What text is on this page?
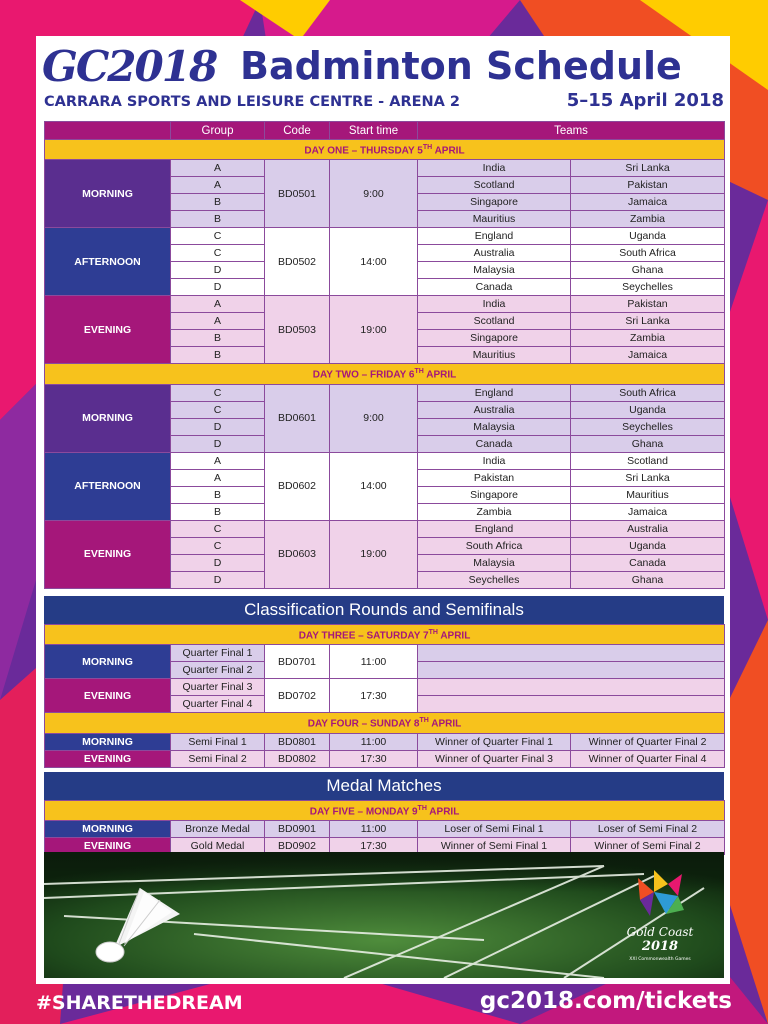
GC2018 Badminton Schedule
CARRARA SPORTS AND LEISURE CENTRE - ARENA 2	5–15 April 2018
	Group	Code	Start time	Teams	
DAY ONE – THURSDAY 5TH APRIL					
MORNING	A	BD0501	9:00	India	Sri Lanka
	A			Scotland	Pakistan
	B			Singapore	Jamaica
	B			Mauritius	Zambia
AFTERNOON	C	BD0502	14:00	England	Uganda
	C			Australia	South Africa
	D			Malaysia	Ghana
	D			Canada	Seychelles
EVENING	A	BD0503	19:00	India	Pakistan
	A			Scotland	Sri Lanka
	B			Singapore	Zambia
	B			Mauritius	Jamaica
DAY TWO – FRIDAY 6TH APRIL					
MORNING	C	BD0601	9:00	England	South Africa
	C			Australia	Uganda
	D			Malaysia	Seychelles
	D			Canada	Ghana
AFTERNOON	A	BD0602	14:00	India	Scotland
	A			Pakistan	Sri Lanka
	B			Singapore	Mauritius
	B			Zambia	Jamaica
EVENING	C	BD0603	19:00	England	Australia
	C			South Africa	Uganda
	D			Malaysia	Canada
	D			Seychelles	Ghana
Classification Rounds and Semifinals
DAY THREE – SATURDAY 7TH APRIL					
MORNING	Quarter Final 1	BD0701	11:00		
	Quarter Final 2				
EVENING	Quarter Final 3	BD0702	17:30		
	Quarter Final 4				
DAY FOUR – SUNDAY 8TH APRIL					
MORNING	Semi Final 1	BD0801	11:00	Winner of Quarter Final 1	Winner of Quarter Final 2
EVENING	Semi Final 2	BD0802	17:30	Winner of Quarter Final 3	Winner of Quarter Final 4
Medal Matches
DAY FIVE – MONDAY 9TH APRIL					
MORNING	Bronze Medal	BD0901	11:00	Loser of Semi Final 1	Loser of Semi Final 2
EVENING	Gold Medal	BD0902	17:30	Winner of Semi Final 1	Winner of Semi Final 2
Gold Coast
2018
XXI Commonwealth Games
#SHARETHEDREAM	gc2018.com/tickets
